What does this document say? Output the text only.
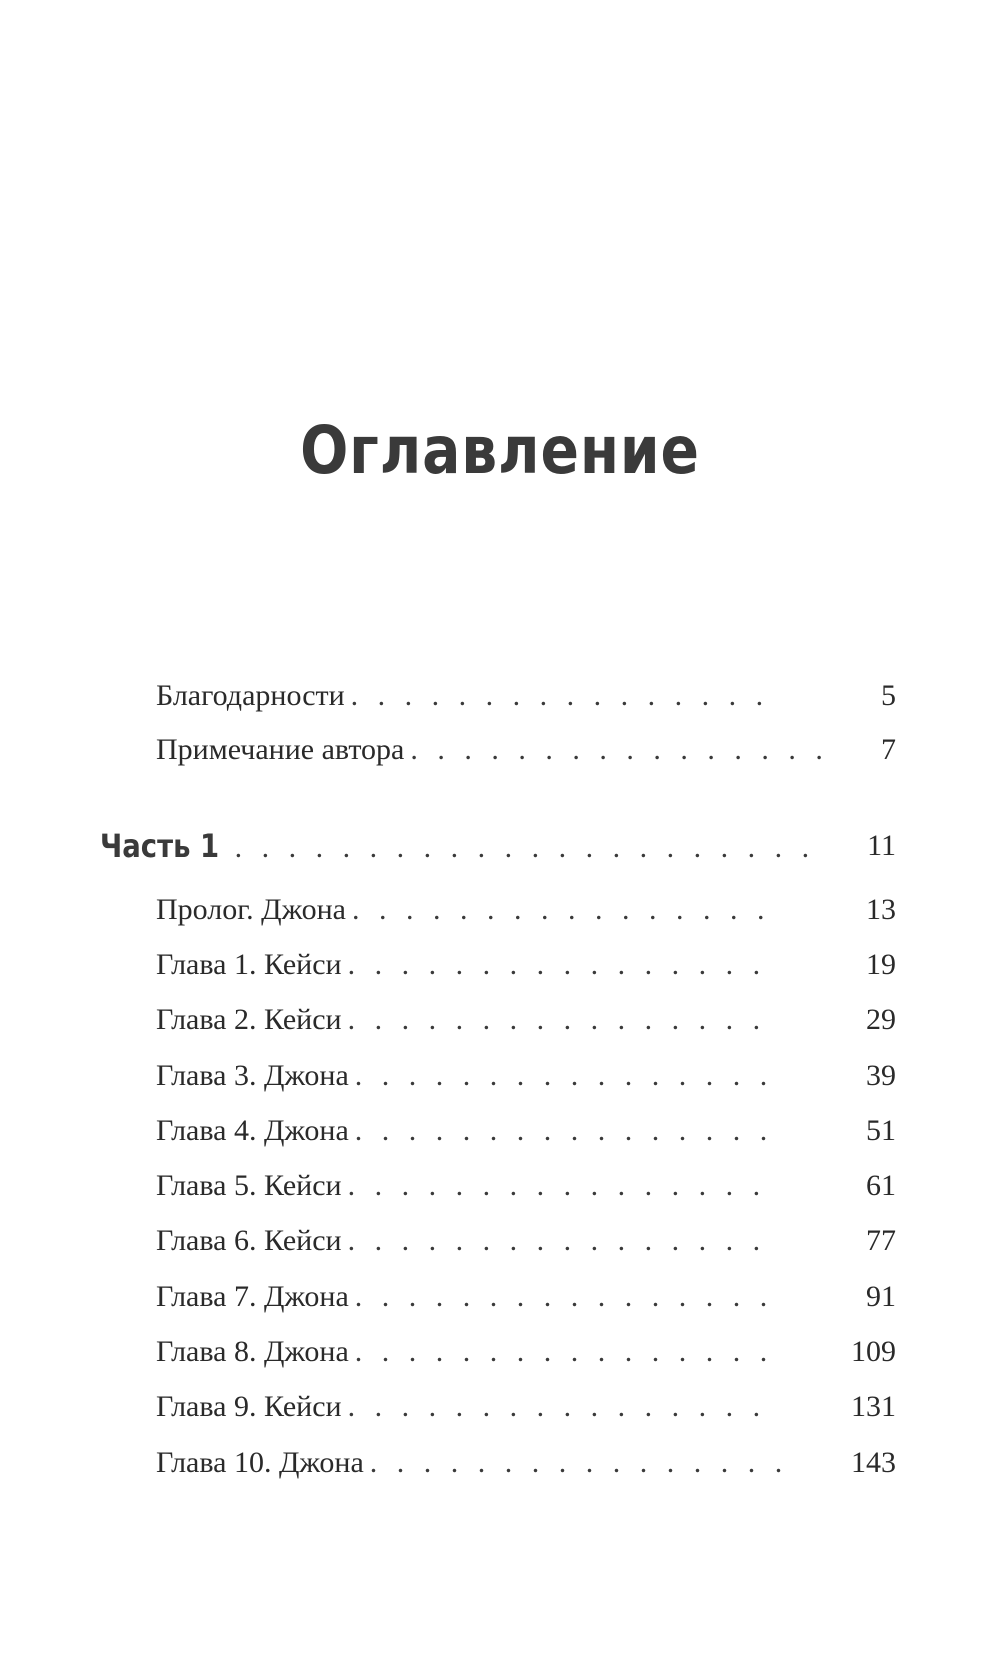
Оглавление
Благодарности . . .	5
Примечание автора . . .	7
Часть 1 . . .	11
Пролог. Джона . . .	13
Глава 1. Кейси . . .	19
Глава 2. Кейси . . .	29
Глава 3. Джона . . .	39
Глава 4. Джона . . .	51
Глава 5. Кейси . . .	61
Глава 6. Кейси . . .	77
Глава 7. Джона . . .	91
Глава 8. Джона . . .	109
Глава 9. Кейси . . .	131
Глава 10. Джона . . .	143
